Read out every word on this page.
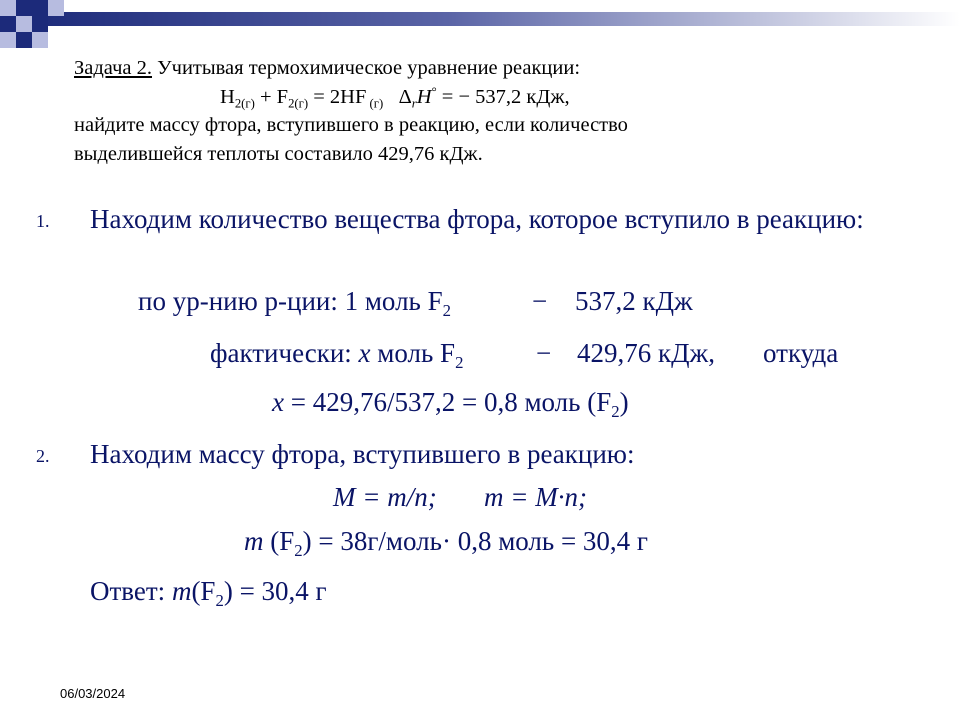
Задача 2. Учитывая термохимическое уравнение реакции:
$H_{2(г)} + F_{2(г)} = 2HF$ $_{(г)}$ $\Delta_rH^\circ$ = − 537,2 кДж,
найдите массу фтора, вступившего в реакцию, если количество
выделившейся теплоты составило 429,76 кДж.
1. Находим количество вещества фтора, которое вступило в реакцию:
по ур-нию р-ции: 1 моль $F_2$	− 537,2 кДж
фактически: x моль $F_2$	− 429,76 кДж, откуда
x = 429,76/537,2 = 0,8 моль $(F_2)$
2. Находим массу фтора, вступившего в реакцию:
M = m/n; m = M·n;
m $(F_2)$ = 38г/моль· 0,8 моль = 30,4 г
Ответ: $m(F_2) = 30,4$ г
06/03/2024
